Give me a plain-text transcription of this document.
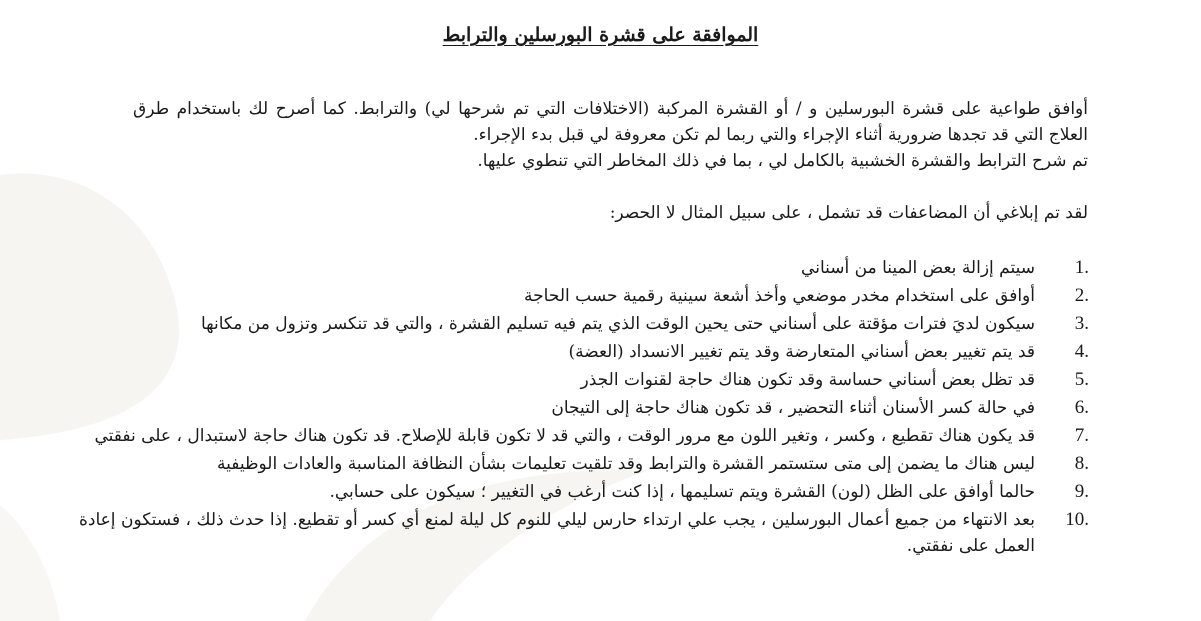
الموافقة على قشرة البورسلين والترابط

أوافق طواعية على قشرة البورسلين و / أو القشرة المركبة (الاختلافات التي تم شرحها لي) والترابط. كما أصرح لك باستخدام طرق العلاج التي قد تجدها ضرورية أثناء الإجراء والتي ربما لم تكن معروفة لي قبل بدء الإجراء.

تم شرح الترابط والقشرة الخشبية بالكامل لي ، بما في ذلك المخاطر التي تنطوي عليها.

لقد تم إبلاغي أن المضاعفات قد تشمل ، على سبيل المثال لا الحصر:

.1
سيتم إزالة بعض المينا من أسناني
.2
أوافق على استخدام مخدر موضعي وأخذ أشعة سينية رقمية حسب الحاجة
.3
سيكون لديَ فترات مؤقتة على أسناني حتى يحين الوقت الذي يتم فيه تسليم القشرة ، والتي قد تنكسر وتزول من مكانها
.4
قد يتم تغيير بعض أسناني المتعارضة وقد يتم تغيير الانسداد (العضة)
.5
قد تظل بعض أسناني حساسة وقد تكون هناك حاجة لقنوات الجذر
.6
في حالة كسر الأسنان أثناء التحضير ، قد تكون هناك حاجة إلى التيجان
.7
قد يكون هناك تقطيع ، وكسر ، وتغير اللون مع مرور الوقت ، والتي قد لا تكون قابلة للإصلاح. قد تكون هناك حاجة لاستبدال ، على نفقتي
.8
ليس هناك ما يضمن إلى متى ستستمر القشرة والترابط وقد تلقيت تعليمات بشأن النظافة المناسبة والعادات الوظيفية
.9
حالما أوافق على الظل (لون) القشرة ويتم تسليمها ، إذا كنت أرغب في التغيير ؛ سيكون على حسابي.
.10
بعد الانتهاء من جميع أعمال البورسلين ، يجب علي ارتداء حارس ليلي للنوم كل ليلة لمنع أي كسر أو تقطيع. إذا حدث ذلك ، فستكون إعادة العمل على نفقتي.
